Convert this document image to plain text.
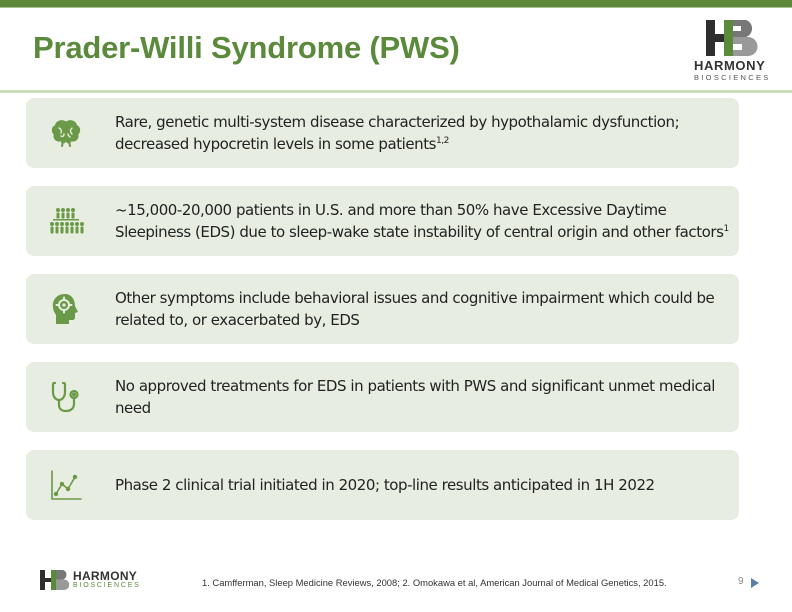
Prader-Willi Syndrome (PWS)
HARMONY
BIOSCIENCES
Rare, genetic multi-system disease characterized by hypothalamic dysfunction; decreased hypocretin levels in some patients$^{1,2}$
~15,000-20,000 patients in U.S. and more than 50% have Excessive Daytime Sleepiness (EDS) due to sleep-wake state instability of central origin and other factors$^1$
Other symptoms include behavioral issues and cognitive impairment which could be related to, or exacerbated by, EDS
No approved treatments for EDS in patients with PWS and significant unmet medical need
Phase 2 clinical trial initiated in 2020; top-line results anticipated in 1H 2022
HARMONY
BIOSCIENCES	1. Camfferman, Sleep Medicine Reviews, 2008; 2. Omokawa et al, American Journal of Medical Genetics, 2015.	9
